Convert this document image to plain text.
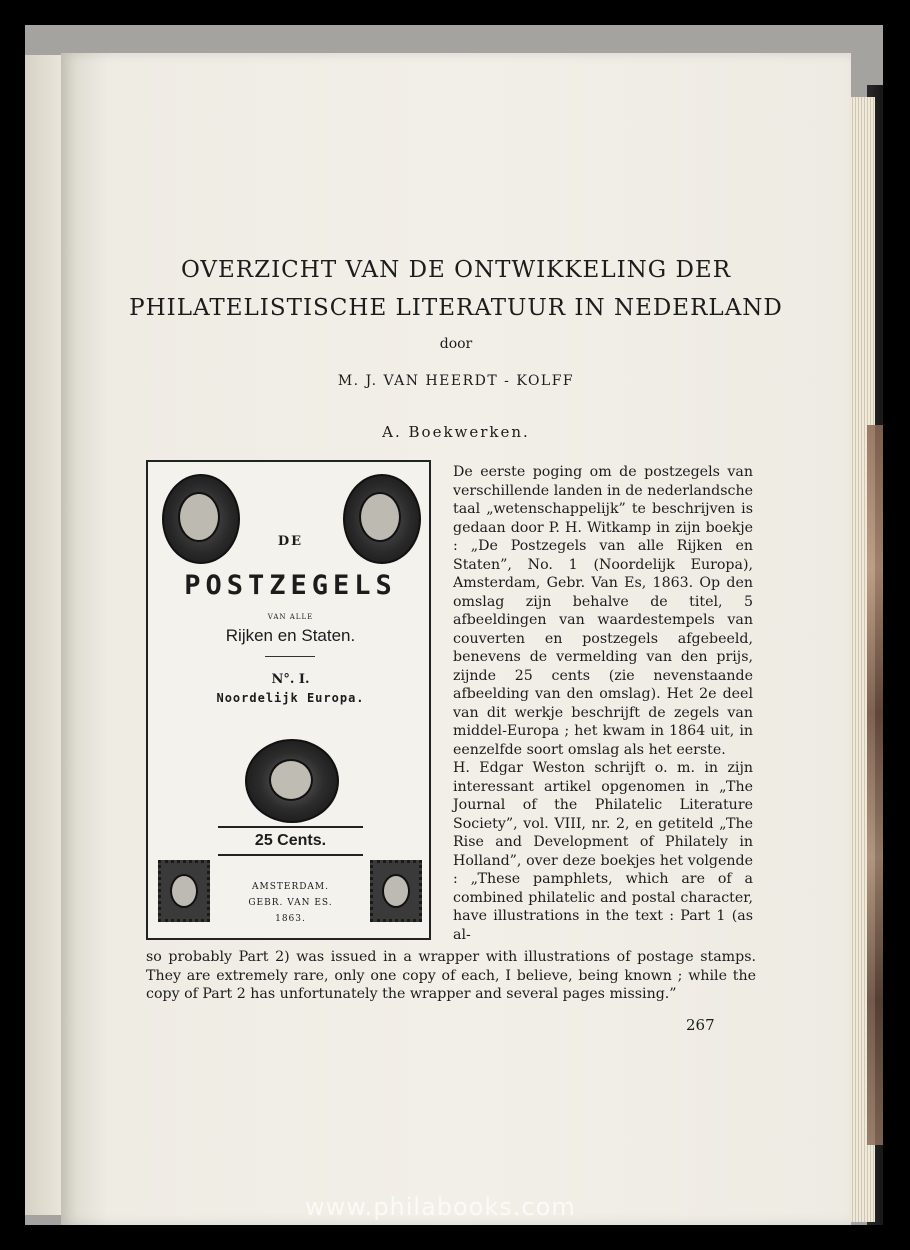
OVERZICHT VAN DE ONTWIKKELING DER
PHILATELISTISCHE LITERATUUR IN NEDERLAND
door
M. J. VAN HEERDT - KOLFF
A. Boekwerken.
DE
POSTZEGELS
VAN ALLE
Rijken en Staten.
N°. I.
Noordelijk Europa.
25 Cents.
AMSTERDAM.
GEBR. VAN ES.
1863.
De eerste poging om de postzegels van verschillende landen in de nederlandsche taal „wetenschappelijk” te beschrijven is gedaan door P. H. Witkamp in zijn boekje : „De Postzegels van alle Rijken en Staten”, No. 1 (Noordelijk Europa), Amsterdam, Gebr. Van Es, 1863. Op den omslag zijn behalve de titel, 5 afbeeldingen van waardestempels van couverten en postzegels afgebeeld, benevens de vermelding van den prijs, zijnde 25 cents (zie nevenstaande afbeelding van den omslag). Het 2e deel van dit werkje beschrijft de zegels van middel-Europa ; het kwam in 1864 uit, in eenzelfde soort omslag als het eerste.
H. Edgar Weston schrijft o. m. in zijn interessant artikel opgenomen in „The Journal of the Philatelic Literature Society”, vol. VIII, nr. 2, en getiteld „The Rise and Development of Philately in Holland”, over deze boekjes het volgende : „These pamphlets, which are of a combined philatelic and postal character, have illustrations in the text : Part 1 (as al-

so probably Part 2) was issued in a wrapper with illustrations of postage stamps. They are extremely rare, only one copy of each, I believe, being known ; while the copy of Part 2 has unfortunately the wrapper and several pages missing.”

267
www.philabooks.com
